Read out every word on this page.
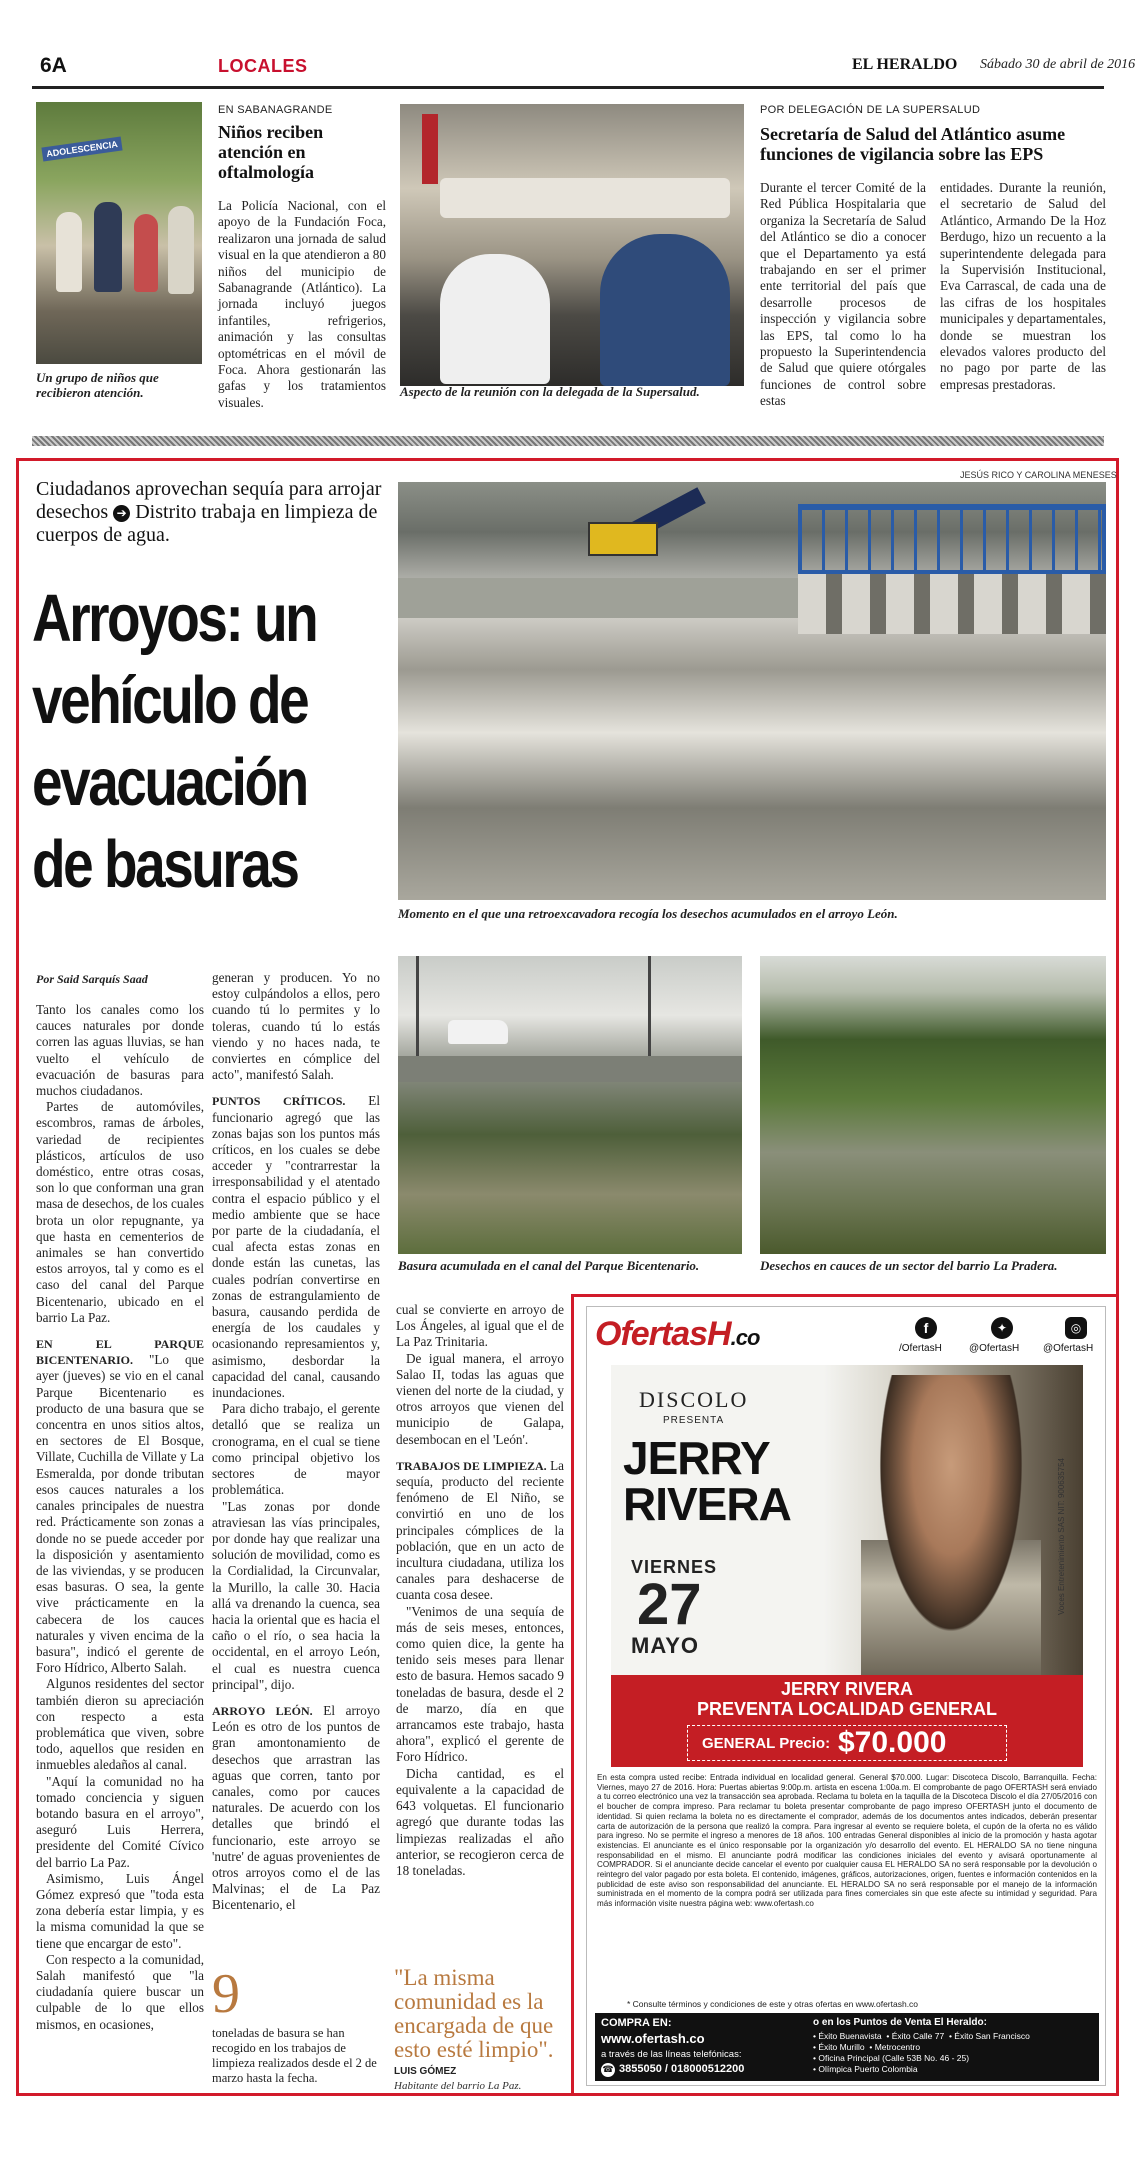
6A	LOCALES	EL HERALDO Sábado 30 de abril de 2016
ADOLESCENCIA
Un grupo de niños que recibieron atención.
EN SABANAGRANDE
Niños reciben atención en oftalmología
La Policía Nacional, con el apoyo de la Fundación Foca, realizaron una jornada de salud visual en la que atendieron a 80 niños del municipio de Sabanagrande (Atlántico). La jornada incluyó juegos infantiles, refrigerios, animación y las consultas optométricas en el móvil de Foca. Ahora gestionarán las gafas y los tratamientos visuales.
Aspecto de la reunión con la delegada de la Supersalud.
POR DELEGACIÓN DE LA SUPERSALUD
Secretaría de Salud del Atlántico asume funciones de vigilancia sobre las EPS
Durante el tercer Comité de la Red Pública Hospitalaria que organiza la Secretaría de Salud del Atlántico se dio a conocer que el Departamento ya está trabajando en ser el primer ente territorial del país que desarrolle procesos de inspección y vigilancia sobre las EPS, tal como lo ha propuesto la Superintendencia de Salud que quiere otórgales funciones de control sobre estas
entidades. Durante la reunión, el secretario de Salud del Atlántico, Armando De la Hoz Berdugo, hizo un recuento a la superintendente delegada para la Supervisión Institucional, Eva Carrascal, de cada una de las cifras de los hospitales municipales y departamentales, donde se muestran los elevados valores producto del no pago por parte de las empresas prestadoras.
Ciudadanos aprovechan sequía para arrojar desechos ➔ Distrito trabaja en limpieza de cuerpos de agua.
Arroyos: un vehículo de evacuación de basuras
JESÚS RICO Y CAROLINA MENESES
Momento en el que una retroexcavadora recogía los desechos acumulados en el arroyo León.
Basura acumulada en el canal del Parque Bicentenario.	Desechos en cauces de un sector del barrio La Pradera.
Por Said Sarquís Saad

Tanto los canales como los cauces naturales por donde corren las aguas lluvias, se han vuelto el vehículo de evacuación de basuras para muchos ciudadanos.

Partes de automóviles, escombros, ramas de árboles, variedad de recipientes plásticos, artículos de uso doméstico, entre otras cosas, son lo que conforman una gran masa de desechos, de los cuales brota un olor repugnante, ya que hasta en cementerios de animales se han convertido estos arroyos, tal y como es el caso del canal del Parque Bicentenario, ubicado en el barrio La Paz.

EN EL PARQUE BICENTENARIO. "Lo que ayer (jueves) se vio en el canal Parque Bicentenario es producto de una basura que se concentra en unos sitios altos, en sectores de El Bosque, Villate, Cuchilla de Villate y La Esmeralda, por donde tributan esos cauces naturales a los canales principales de nuestra red. Prácticamente son zonas a donde no se puede acceder por la disposición y asentamiento de las viviendas, y se producen esas basuras. O sea, la gente vive prácticamente en la cabecera de los cauces naturales y viven encima de la basura", indicó el gerente de Foro Hídrico, Alberto Salah.

Algunos residentes del sector también dieron su apreciación con respecto a esta problemática que viven, sobre todo, aquellos que residen en inmuebles aledaños al canal.

"Aquí la comunidad no ha tomado conciencia y siguen botando basura en el arroyo", aseguró Luis Herrera, presidente del Comité Cívico del barrio La Paz.

Asimismo, Luis Ángel Gómez expresó que "toda esta zona debería estar limpia, y es la misma comunidad la que se tiene que encargar de esto".

Con respecto a la comunidad, Salah manifestó que "la ciudadanía quiere buscar un culpable de lo que ellos mismos, en ocasiones,

generan y producen. Yo no estoy culpándolos a ellos, pero cuando tú lo permites y lo toleras, cuando tú lo estás viendo y no haces nada, te conviertes en cómplice del acto", manifestó Salah.

PUNTOS CRÍTICOS. El funcionario agregó que las zonas bajas son los puntos más críticos, en los cuales se debe acceder y "contrarrestar la irresponsabilidad y el atentado contra el espacio público y el medio ambiente que se hace por parte de la ciudadanía, el cual afecta estas zonas en donde están las cunetas, las cuales podrían convertirse en zonas de estrangulamiento de basura, causando perdida de energía de los caudales y ocasionando represamientos y, asimismo, desbordar la capacidad del canal, causando inundaciones.

Para dicho trabajo, el gerente detalló que se realiza un cronograma, en el cual se tiene como principal objetivo los sectores de mayor problemática.

"Las zonas por donde atraviesan las vías principales, por donde hay que realizar una solución de movilidad, como es la Cordialidad, la Circunvalar, la Murillo, la calle 30. Hacia allá va drenando la cuenca, sea hacia la oriental que es hacia el caño o el río, o sea hacia la occidental, en el arroyo León, el cual es nuestra cuenca principal", dijo.

ARROYO LEÓN. El arroyo León es otro de los puntos de gran amontonamiento de desechos que arrastran las aguas que corren, tanto por canales, como por cauces naturales. De acuerdo con los detalles que brindó el funcionario, este arroyo se 'nutre' de aguas provenientes de otros arroyos como el de las Malvinas; el de La Paz Bicentenario, el

cual se convierte en arroyo de Los Ángeles, al igual que el de La Paz Trinitaria.

De igual manera, el arroyo Salao II, todas las aguas que vienen del norte de la ciudad, y otros arroyos que vienen del municipio de Galapa, desembocan en el 'León'.

TRABAJOS DE LIMPIEZA. La sequía, producto del reciente fenómeno de El Niño, se convirtió en uno de los principales cómplices de la población, que en un acto de incultura ciudadana, utiliza los canales para deshacerse de cuanta cosa desee.

"Venimos de una sequía de más de seis meses, entonces, como quien dice, la gente ha tenido seis meses para llenar esto de basura. Hemos sacado 9 toneladas de basura, desde el 2 de marzo, día en que arrancamos este trabajo, hasta ahora", explicó el gerente de Foro Hídrico.

Dicha cantidad, es el equivalente a la capacidad de 643 volquetas. El funcionario agregó que durante todas las limpiezas realizadas el año anterior, se recogieron cerca de 18 toneladas.

9
toneladas de basura se han recogido en los trabajos de limpieza realizados desde el 2 de marzo hasta la fecha.
"La misma comunidad es la encargada de que esto esté limpio".
LUIS GÓMEZ
Habitante del barrio La Paz.
OfertasH.co	f	✦	◎
/OfertasH	@OfertasH @OfertasH
DISCOLO
PRESENTA
JERRY
RIVERA
VIERNES
27
MAYO
Voces Entretenimiento SAS NIT: 900635754
JERRY RIVERA
PREVENTA LOCALIDAD GENERAL
GENERAL Precio: $70.000
En esta compra usted recibe: Entrada individual en localidad general. General $70.000. Lugar: Discoteca Discolo, Barranquilla. Fecha: Viernes, mayo 27 de 2016. Hora: Puertas abiertas 9:00p.m. artista en escena 1:00a.m. El comprobante de pago OFERTASH será enviado a tu correo electrónico una vez la transacción sea aprobada. Reclama tu boleta en la taquilla de la Discoteca Discolo el día 27/05/2016 con el boucher de compra impreso. Para reclamar tu boleta presentar comprobante de pago impreso OFERTASH junto el documento de identidad. Si quien reclama la boleta no es directamente el comprador, además de los documentos antes indicados, deberán presentar carta de autorización de la persona que realizó la compra. Para ingresar al evento se requiere boleta, el cupón de la oferta no es válido para ingreso. No se permite el ingreso a menores de 18 años. 100 entradas General disponibles al inicio de la promoción y hasta agotar existencias. El anunciante es el único responsable por la organización y/o desarrollo del evento. EL HERALDO SA no tiene ninguna responsabilidad en el mismo. El anunciante podrá modificar las condiciones iniciales del evento y avisará oportunamente al COMPRADOR. Si el anunciante decide cancelar el evento por cualquier causa EL HERALDO SA no será responsable por la devolución o reintegro del valor pagado por esta boleta. El contenido, imágenes, gráficos, autorizaciones, origen, fuentes e información contenidos en la publicidad de este aviso son responsabilidad del anunciante. EL HERALDO SA no será responsable por el manejo de la información suministrada en el momento de la compra podrá ser utilizada para fines comerciales sin que este afecte su intimidad y seguridad. Para más información visite nuestra página web: www.ofertash.co
* Consulte términos y condiciones de este y otras ofertas en www.ofertash.co
COMPRA EN:
www.ofertash.co
a través de las líneas telefónicas:
☎ 3855050 / 018000512200
o en los Puntos de Venta El Heraldo:
• Éxito Buenavista • Éxito Calle 77 • Éxito San Francisco
• Éxito Murillo • Metrocentro
• Oficina Principal (Calle 53B No. 46 - 25)
• Olímpica Puerto Colombia
